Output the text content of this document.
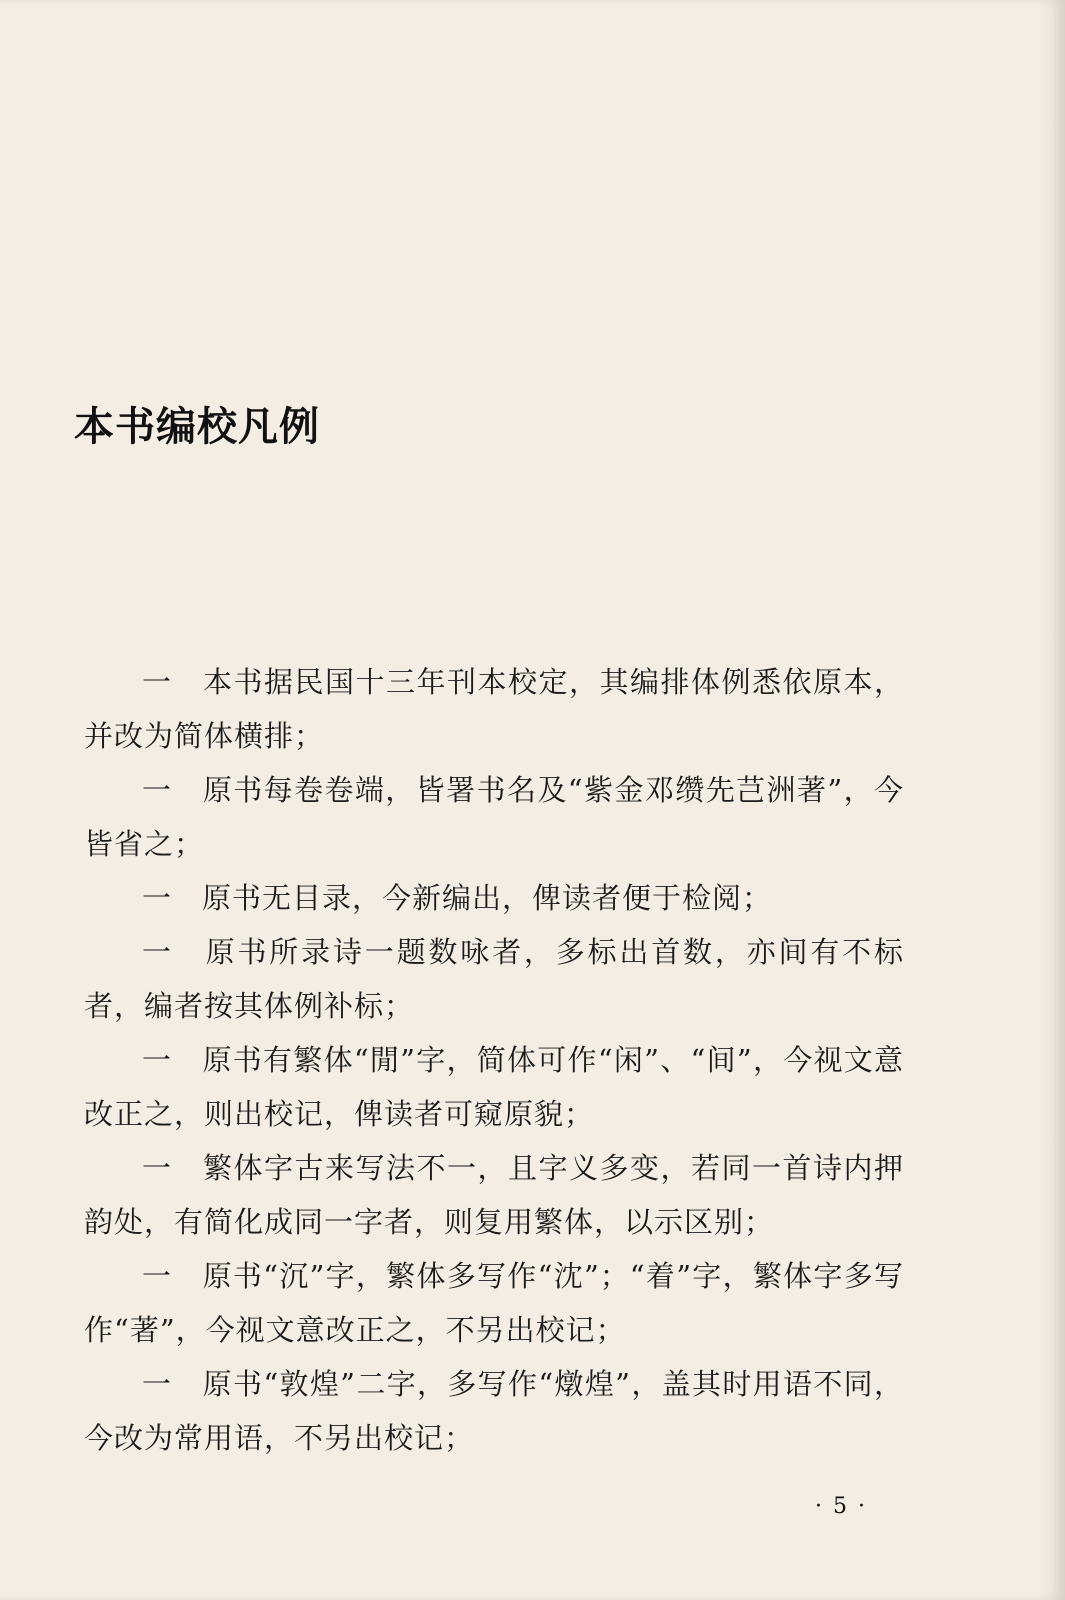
本书编校凡例

一　本书据民国十三年刊本校定，其编排体例悉依原本，并改为简体横排；

一　原书每卷卷端，皆署书名及“紫金邓缵先芑洲著”，今皆省之；

一　原书无目录，今新编出，俾读者便于检阅；

一　原书所录诗一题数咏者，多标出首数，亦间有不标者，编者按其体例补标；

一　原书有繁体“閒”字，简体可作“闲”、“间”，今视文意改正之，则出校记，俾读者可窥原貌；

一　繁体字古来写法不一，且字义多变，若同一首诗内押韵处，有简化成同一字者，则复用繁体，以示区别；

一　原书“沉”字，繁体多写作“沈”；“着”字，繁体字多写作“著”，今视文意改正之，不另出校记；

一　原书“敦煌”二字，多写作“燉煌”，盖其时用语不同，今改为常用语，不另出校记；

· 5 ·
